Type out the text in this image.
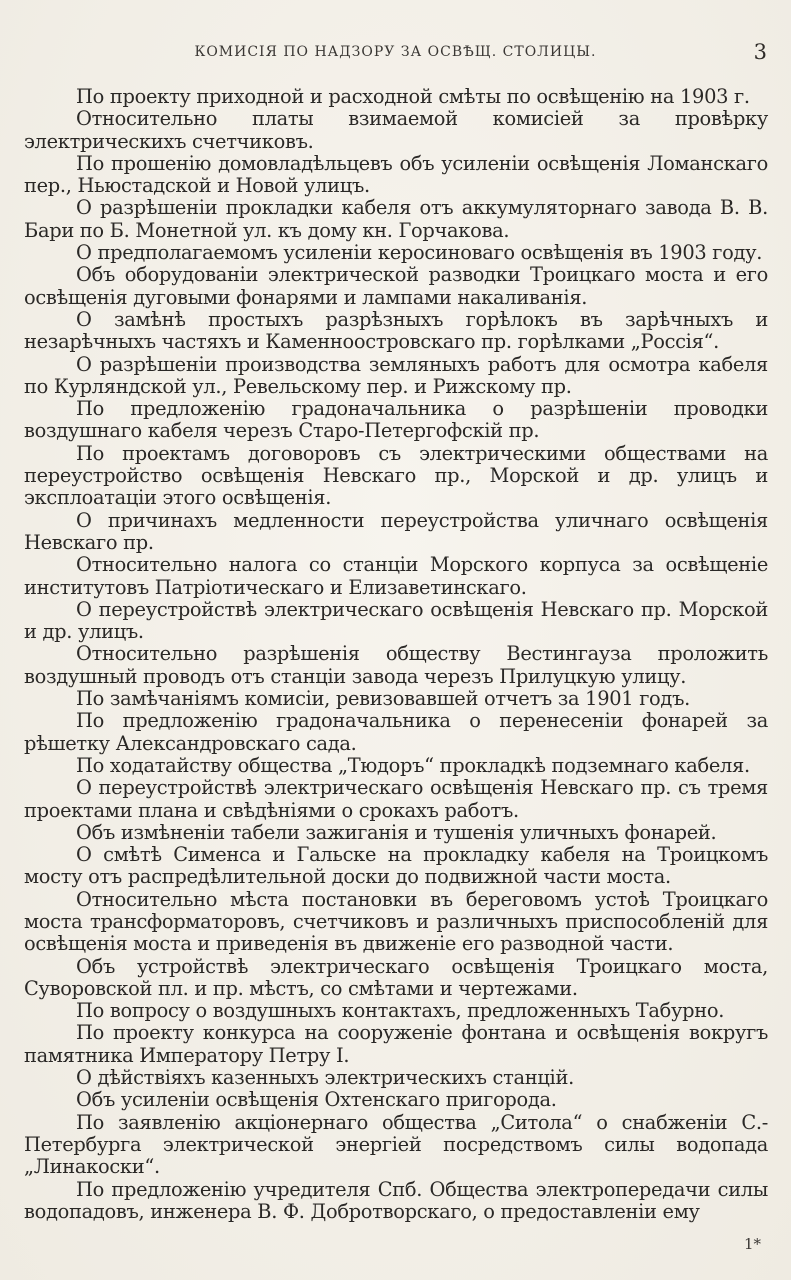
КОМИСІЯ ПО НАДЗОРУ ЗА ОСВѢЩ. СТОЛИЦЫ.	3

По проекту приходной и расходной смѣты по освѣщенію на 1903 г.

Относительно платы взимаемой комисіей за провѣрку электрическихъ счетчиковъ.

По прошенію домовладѣльцевъ объ усиленіи освѣщенія Ломанскаго пер., Ньюстадской и Новой улицъ.

О разрѣшеніи прокладки кабеля отъ аккумуляторнаго завода В. В. Бари по Б. Монетной ул. къ дому кн. Горчакова.

О предполагаемомъ усиленіи керосиноваго освѣщенія въ 1903 году.

Объ оборудованіи электрической разводки Троицкаго моста и его освѣщенія дуговыми фонарями и лампами накаливанія.

О замѣнѣ простыхъ разрѣзныхъ горѣлокъ въ зарѣчныхъ и незарѣчныхъ частяхъ и Каменноостровскаго пр. горѣлками „Россія“.

О разрѣшеніи производства земляныхъ работъ для осмотра кабеля по Курляндской ул., Ревельскому пер. и Рижскому пр.

По предложенію градоначальника о разрѣшеніи проводки воздушнаго кабеля черезъ Старо-Петергофскій пр.

По проектамъ договоровъ съ электрическими обществами на переустройство освѣщенія Невскаго пр., Морской и др. улицъ и эксплоатаціи этого освѣщенія.

О причинахъ медленности переустройства уличнаго освѣщенія Невскаго пр.

Относительно налога со станціи Морского корпуса за освѣщеніе институтовъ Патріотическаго и Елизаветинскаго.

О переустройствѣ электрическаго освѣщенія Невскаго пр. Морской и др. улицъ.

Относительно разрѣшенія обществу Вестингауза проложить воздушный проводъ отъ станціи завода черезъ Прилуцкую улицу.

По замѣчаніямъ комисіи, ревизовавшей отчетъ за 1901 годъ.

По предложенію градоначальника о перенесеніи фонарей за рѣшетку Александровскаго сада.

По ходатайству общества „Тюдоръ“ прокладкѣ подземнаго кабеля.

О переустройствѣ электрическаго освѣщенія Невскаго пр. съ тремя проектами плана и свѣдѣніями о срокахъ работъ.

Объ измѣненіи табели зажиганія и тушенія уличныхъ фонарей.

О смѣтѣ Сименса и Гальске на прокладку кабеля на Троицкомъ мосту отъ распредѣлительной доски до подвижной части моста.

Относительно мѣста постановки въ береговомъ устоѣ Троицкаго моста трансформаторовъ, счетчиковъ и различныхъ приспособленій для освѣщенія моста и приведенія въ движеніе его разводной части.

Объ устройствѣ электрическаго освѣщенія Троицкаго моста, Суворовской пл. и пр. мѣстъ, со смѣтами и чертежами.

По вопросу о воздушныхъ контактахъ, предложенныхъ Табурно.

По проекту конкурса на сооруженіе фонтана и освѣщенія вокругъ памятника Императору Петру I.

О дѣйствіяхъ казенныхъ электрическихъ станцій.

Объ усиленіи освѣщенія Охтенскаго пригорода.

По заявленію акціонернаго общества „Ситола“ о снабженіи С.-Петербурга электрической энергіей посредствомъ силы водопада „Линакоски“.

По предложенію учредителя Спб. Общества электропередачи силы водопадовъ, инженера В. Ф. Добротворскаго, о предоставленіи ему

1*
